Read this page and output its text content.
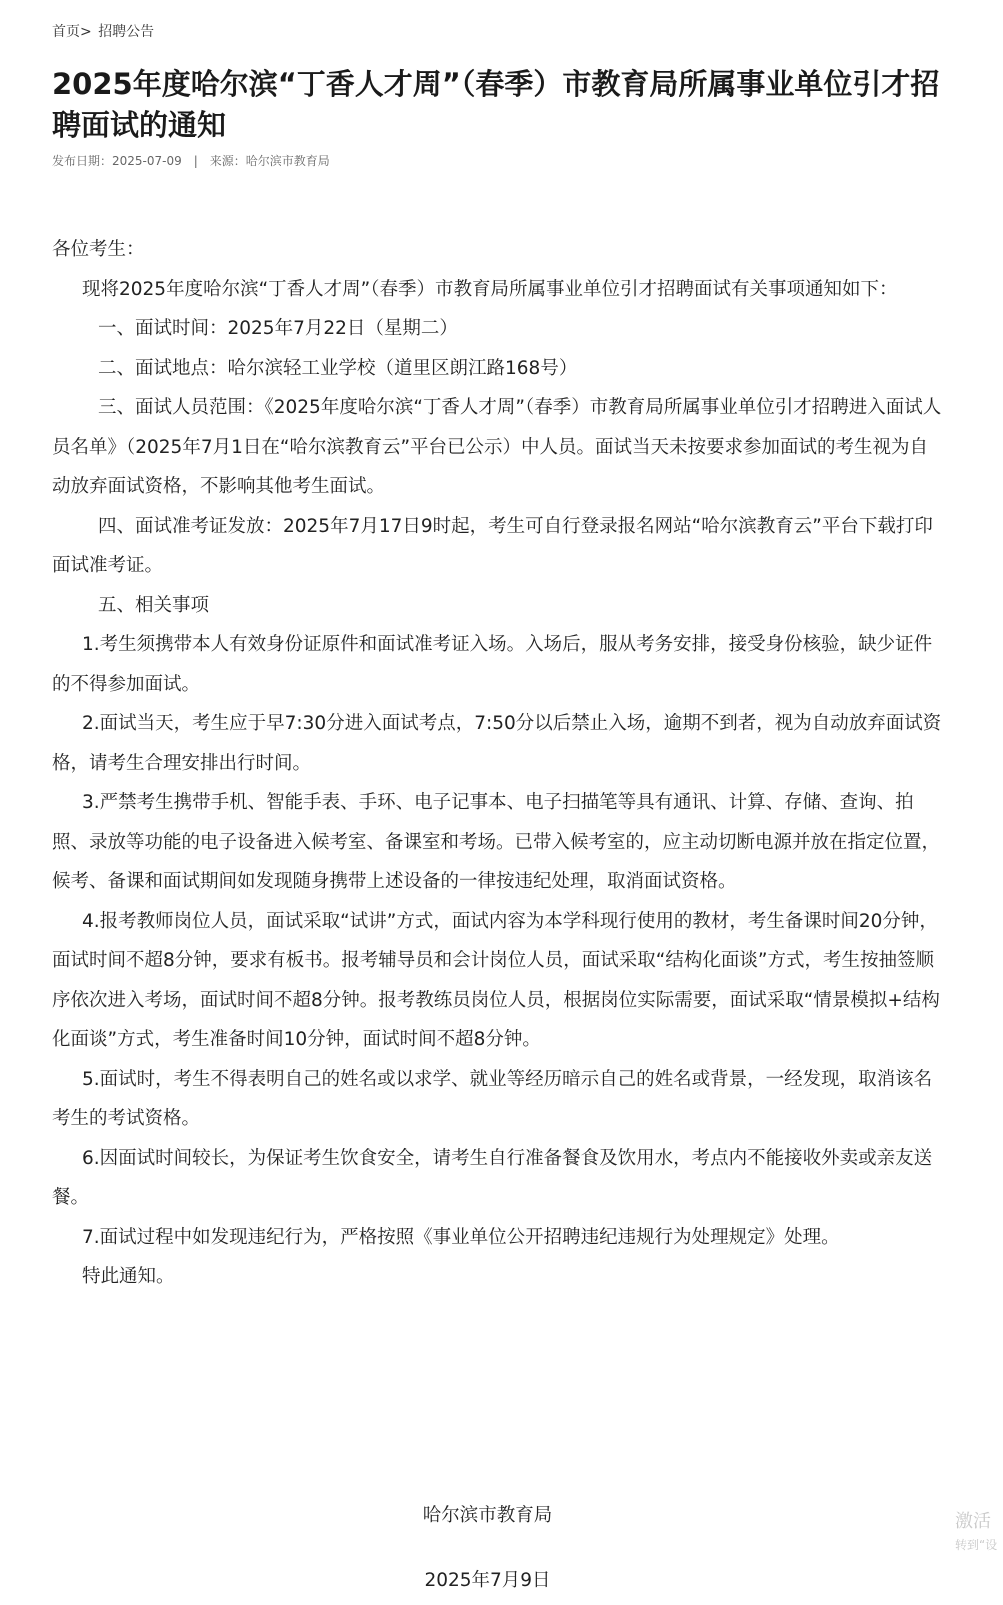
首页> 招聘公告
2025年度哈尔滨“丁香人才周”（春季）市教育局所属事业单位引才招聘面试的通知
发布日期：2025-07-09 | 来源：哈尔滨市教育局

各位考生：

现将2025年度哈尔滨“丁香人才周”（春季）市教育局所属事业单位引才招聘面试有关事项通知如下：

一、面试时间：2025年7月22日（星期二）

二、面试地点：哈尔滨轻工业学校（道里区朗江路168号）

三、面试人员范围：《2025年度哈尔滨“丁香人才周”（春季）市教育局所属事业单位引才招聘进入面试人员名单》（2025年7月1日在“哈尔滨教育云”平台已公示）中人员。面试当天未按要求参加面试的考生视为自动放弃面试资格，不影响其他考生面试。

四、面试准考证发放：2025年7月17日9时起，考生可自行登录报名网站“哈尔滨教育云”平台下载打印面试准考证。

五、相关事项

1.考生须携带本人有效身份证原件和面试准考证入场。入场后，服从考务安排，接受身份核验，缺少证件的不得参加面试。

2.面试当天，考生应于早7:30分进入面试考点，7:50分以后禁止入场，逾期不到者，视为自动放弃面试资格，请考生合理安排出行时间。

3.严禁考生携带手机、智能手表、手环、电子记事本、电子扫描笔等具有通讯、计算、存储、查询、拍照、录放等功能的电子设备进入候考室、备课室和考场。已带入候考室的，应主动切断电源并放在指定位置，候考、备课和面试期间如发现随身携带上述设备的一律按违纪处理，取消面试资格。

4.报考教师岗位人员，面试采取“试讲”方式，面试内容为本学科现行使用的教材，考生备课时间20分钟，面试时间不超8分钟，要求有板书。报考辅导员和会计岗位人员，面试采取“结构化面谈”方式，考生按抽签顺序依次进入考场，面试时间不超8分钟。报考教练员岗位人员，根据岗位实际需要，面试采取“情景模拟+结构化面谈”方式，考生准备时间10分钟，面试时间不超8分钟。

5.面试时，考生不得表明自己的姓名或以求学、就业等经历暗示自己的姓名或背景，一经发现，取消该名考生的考试资格。

6.因面试时间较长，为保证考生饮食安全，请考生自行准备餐食及饮用水，考点内不能接收外卖或亲友送餐。

7.面试过程中如发现违纪行为，严格按照《事业单位公开招聘违纪违规行为处理规定》处理。

特此通知。

哈尔滨市教育局
2025年7月9日
激活
转到“设
